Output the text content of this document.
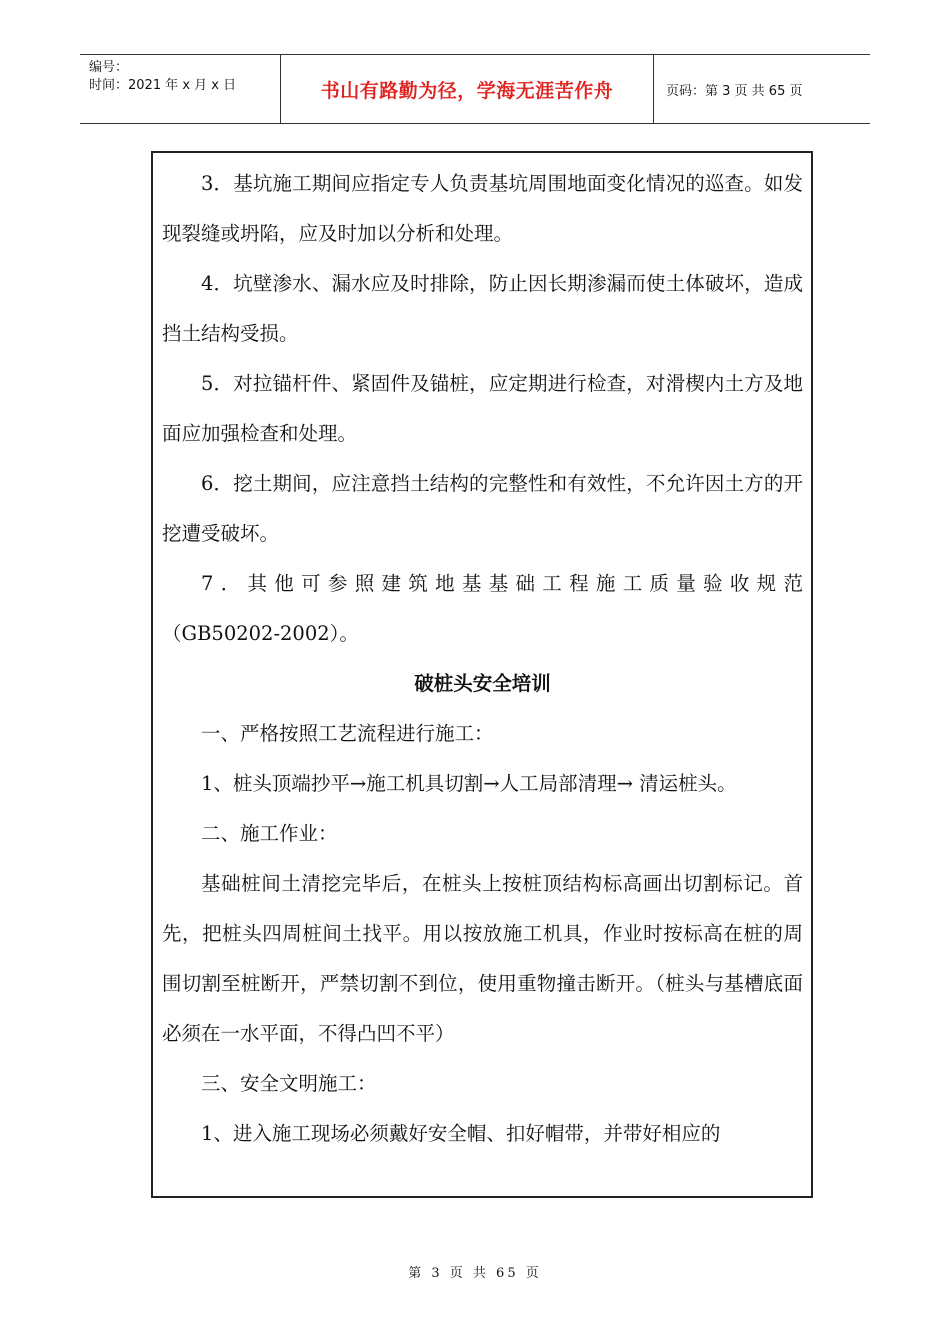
编号：
时间：2021 年 x 月 x 日	书山有路勤为径，学海无涯苦作舟	页码：第 3 页 共 65 页

3．基坑施工期间应指定专人负责基坑周围地面变化情况的巡查。如发现裂缝或坍陷，应及时加以分析和处理。

4．坑壁渗水、漏水应及时排除，防止因长期渗漏而使土体破坏，造成挡土结构受损。

5．对拉锚杆件、紧固件及锚桩，应定期进行检查，对滑楔内土方及地面应加强检查和处理。

6．挖土期间，应注意挡土结构的完整性和有效性，不允许因土方的开挖遭受破坏。

7．其他可参照建筑地基基础工程施工质量验收规范

（GB50202-2002）。

破桩头安全培训

一、严格按照工艺流程进行施工：

1、桩头顶端抄平→施工机具切割→人工局部清理→ 清运桩头。

二、施工作业：

基础桩间土清挖完毕后，在桩头上按桩顶结构标高画出切割标记。首先，把桩头四周桩间土找平。用以按放施工机具，作业时按标高在桩的周围切割至桩断开，严禁切割不到位，使用重物撞击断开。（桩头与基槽底面必须在一水平面，不得凸凹不平）

三、安全文明施工：

1、进入施工现场必须戴好安全帽、扣好帽带，并带好相应的

第 3 页 共 65 页
